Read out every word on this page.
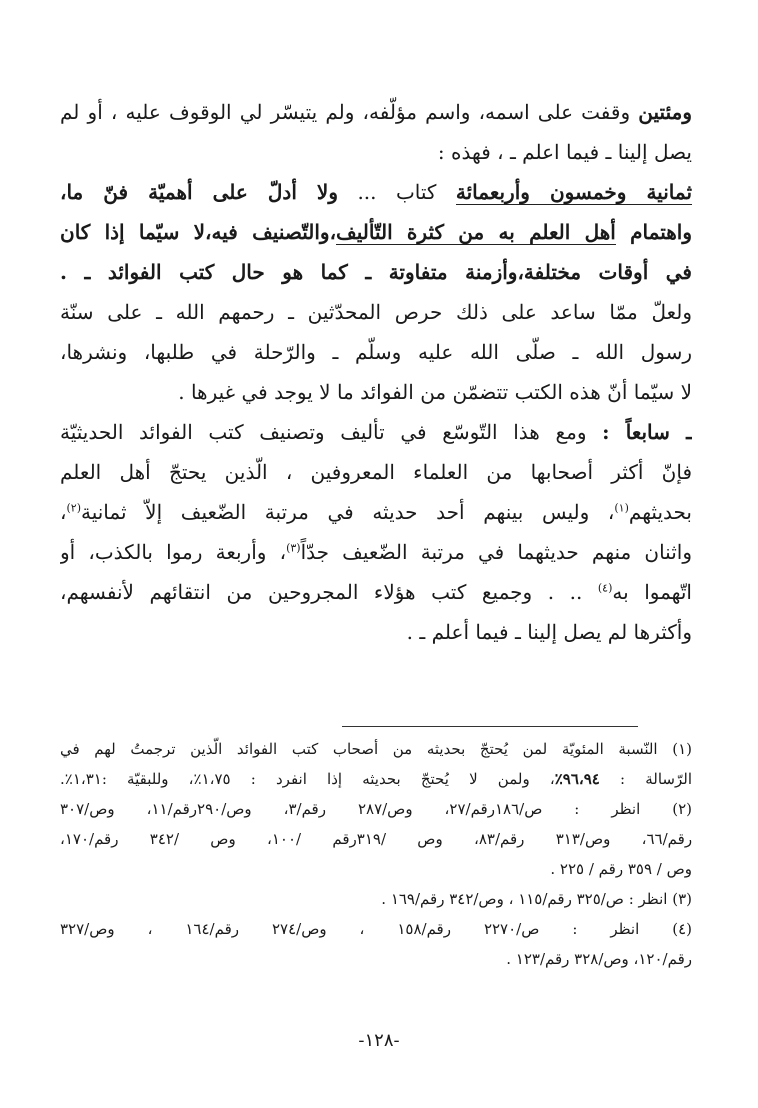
ومئتين وقفت على اسمه، واسم مؤلّفه، ولم يتيسّر لي الوقوف عليه ، أو لم
يصل إلينا ـ فيما اعلم ـ ، فهذه :
ثمانية وخمسون وأربعمائة كتاب ... ولا أدلّ على أهميّة فنّ ما،
واهتمام أهل العلم به من كثرة التّأليف،والتّصنيف فيه،لا سيّما إذا كان
في أوقات مختلفة،وأزمنة متفاوتة ـ كما هو حال كتب الفوائد ـ .
ولعلّ ممّا ساعد على ذلك حرص المحدّثين ـ رحمهم الله ـ على سنّة
رسول الله ـ صلّى الله عليه وسلّم ـ والرّحلة في طلبها، ونشرها،
لا سيّما أنّ هذه الكتب تتضمّن من الفوائد ما لا يوجد في غيرها .
ـ سابعاً : ومع هذا التّوسّع في تأليف وتصنيف كتب الفوائد الحديثيّة
فإنّ أكثر أصحابها من العلماء المعروفين ، الّذين يحتجّ أهل العلم
بحديثهم$^{(١)}$، وليس بينهم أحد حديثه في مرتبة الضّعيف إلاّ ثمانية$^{(٢)}$،
واثنان منهم حديثهما في مرتبة الضّعيف جدّاً$^{(٣)}$، وأربعة رموا بالكذب، أو
اتّهموا به$^{(٤)}$ .. . وجميع كتب هؤلاء المجروحين من انتقائهم لأنفسهم،
وأكثرها لم يصل إلينا ـ فيما أعلم ـ .
(١) النّسبة المئويّة لمن يُحتجّ بحديثه من أصحاب كتب الفوائد الّذين ترجمتُ لهم في
الرّسالة : ٩٦،٩٤٪، ولمن لا يُحتجّ بحديثه إذا انفرد : ١،٧٥٪، وللبقيّة :١،٣١٪.
(٢) انظر : ص/١٨٦رقم/٢٧، وص/٢٨٧ رقم/٣، وص/٢٩٠رقم/١١، وص/٣٠٧
رقم/٦٦، وص/٣١٣ رقم/٨٣، وص /٣١٩رقم /١٠٠، وص /٣٤٢ رقم/١٧٠،
وص / ٣٥٩ رقم / ٢٢٥ .
(٣) انظر : ص/٣٢٥ رقم/١١٥ ، وص/٣٤٢ رقم/١٦٩ .
(٤) انظر : ص/٢٢٧٠ رقم/١٥٨ ، وص/٢٧٤ رقم/١٦٤ ، وص/٣٢٧
رقم/١٢٠، وص/٣٢٨ رقم/١٢٣ .
-١٢٨-
